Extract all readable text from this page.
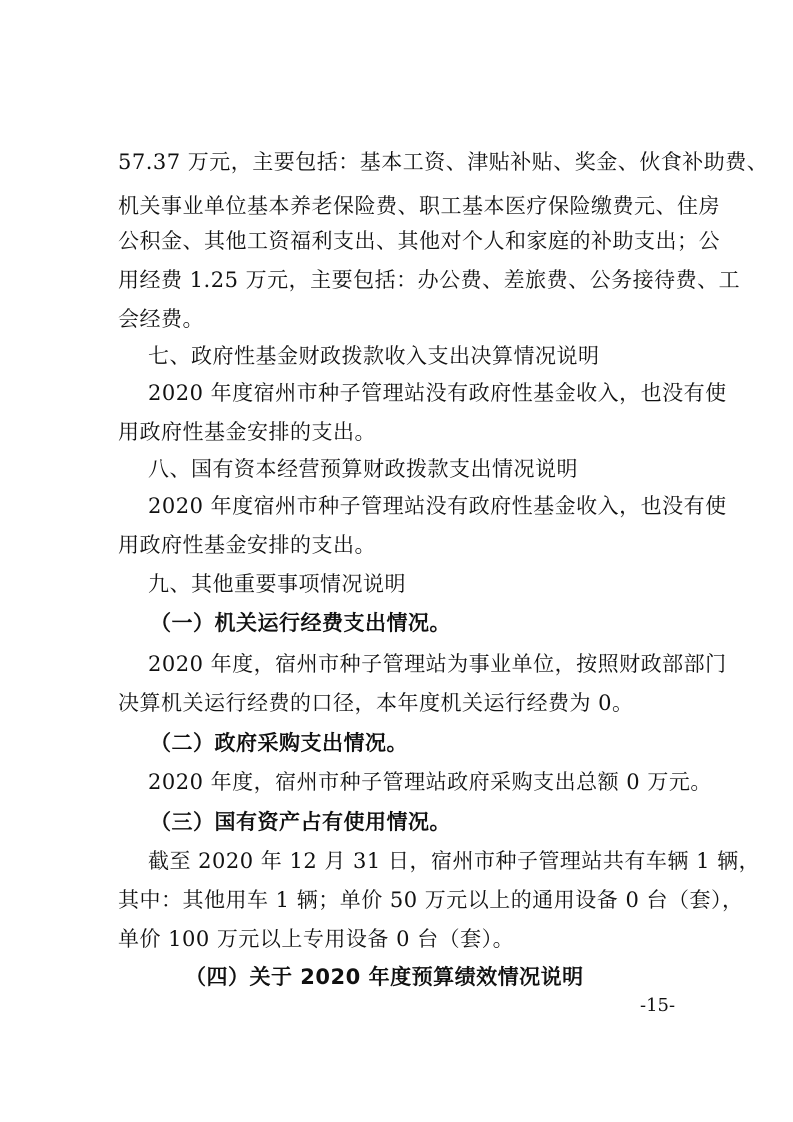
57.37 万元，主要包括：基本工资、津贴补贴、奖金、伙食补助费、
机关事业单位基本养老保险费、职工基本医疗保险缴费元、住房
公积金、其他工资福利支出、其他对个人和家庭的补助支出；公
用经费 1.25 万元，主要包括：办公费、差旅费、公务接待费、工
会经费。
七、政府性基金财政拨款收入支出决算情况说明
2020 年度宿州市种子管理站没有政府性基金收入，也没有使
用政府性基金安排的支出。
八、国有资本经营预算财政拨款支出情况说明
2020 年度宿州市种子管理站没有政府性基金收入，也没有使
用政府性基金安排的支出。
九、其他重要事项情况说明
（一）机关运行经费支出情况。
2020 年度，宿州市种子管理站为事业单位，按照财政部部门
决算机关运行经费的口径，本年度机关运行经费为 0。
（二）政府采购支出情况。
2020 年度，宿州市种子管理站政府采购支出总额 0 万元。
（三）国有资产占有使用情况。
截至 2020 年 12 月 31 日，宿州市种子管理站共有车辆 1 辆，
其中：其他用车 1 辆；单价 50 万元以上的通用设备 0 台（套），
单价 100 万元以上专用设备 0 台（套）。
（四）关于 2020 年度预算绩效情况说明
-15-
